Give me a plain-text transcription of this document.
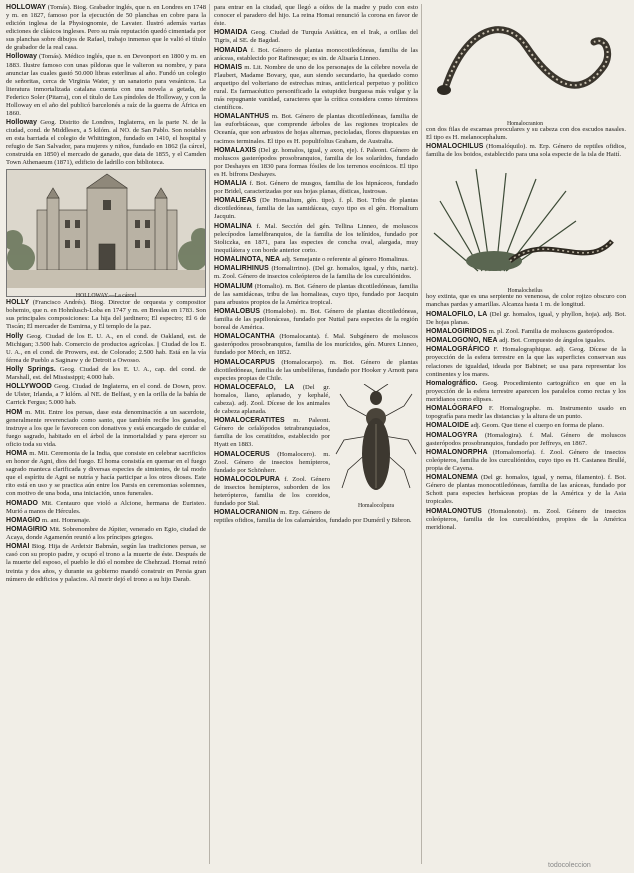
HOLLOWAY (Tomás). Biog. Grabador inglés, que n. en Londres en 1748 y m. en 1827, famoso por la ejecución de 50 planchas en cobre para la edición inglesa de la Physiognomie, de Lavater. Ilustró además varias ediciones de clásicos ingleses. Pero su más reputación quedó cimentada por sus planchas sobre dibujos de Rafael, trabajo inmenso que le valió el título de grabador de la real casa.
Holloway (Tomás). Médico inglés, que n. en Devonport en 1800 y m. en 1883. Ilustre famoso con unas píldoras que le valieron su nombre, y para anunciar las cuales gastó 50.000 libras esterlinas al año. Fundó un colegio de señoritas, cerca de Virginia Water, y un sanatorio para vesánicos. La literatura inmortalizada catalana cuenta con una novela a getada, de Federico Soler (Pitarra), con el título de Les píndoles de Holloway, y con la Holloway en el año del publicó barcelonés a raíz de la guerra de África en 1860.
Holloway Geog. Distrito de Londres, Inglaterra, en la parte N. de la ciudad, cond. de Middlesex, a 5 kilóm. al NO. de San Pablo. Son notables en esta barriada el colegio de Whittington, fundado en 1410, el hospital y refugio de San Salvador, para mujeres y niños, fundado en 1862 (la cárcel, construida en 1850) el mercado de ganado, que data de 1855, y el Camden Town Athenaeum (1871), edificio de ladrillo con biblioteca.
HOLLOWAY.—La cárcel
HOLLY (Francisco Andrés). Biog. Director de orquesta y compositor bohemio, que n. en Hohnlusch-Loba en 1747 y m. en Breslau en 1783. Son sus principales composiciones: La hija del jardinero; El espectro; El 6 de Tiscán; El mercader de Esmirna, y El templo de la paz.
Holly Geog. Ciudad de los E. U. A., en el cond. de Oakland, est. de Michigan; 3.500 hab. Comercio de productos agrícolas. || Ciudad de los E. U. A., en el cond. de Prowers, est. de Colorado; 2.500 hab. Está en la vía férrea de Pueblo a Saginaw y de Detroit a Owosso.
Holly Springs. Geog. Ciudad de los E. U. A., cap. del cond. de Marshall, est. del Mississippi; 4.000 hab.
HOLLYWOOD Geog. Ciudad de Inglaterra, en el cond. de Down, prov. de Ulster, Irlanda, a 7 kilóm. al NE. de Belfast, y en la orilla de la bahía de Carrick Fergus; 5.000 hab.
HOM m. Mit. Entre los persas, dase esta denominación a un sacerdote, generalmente reverenciado como santo, que también recibe los ganados, instruye a los que le favorecen con donativos y está encargado de cuidar el fuego sagrado, habitado en el árbol de la inmortalidad y para ejercer su oficio toda su vida.
HOMA m. Mit. Ceremonia de la India, que consiste en celebrar sacrificios en honor de Agni, dios del fuego. El homa consistía en quemar en el fuego sagrado manteca clarificada y diversas especies de simientes, de tal modo que el espíritu de Agni se nutría y hacía participar a los otros dioses. Este rito está en uso y se practica aún entre los Parsis en ceremonias solemnes, con motivo de una boda, una iniciación, unos funerales.
HOMADO Mit. Centauro que violó a Alcione, hermana de Euristeo. Murió a manos de Hércules.
HOMAGIO m. ant. Homenaje.
HOMAGIRIO Mit. Sobrenombre de Júpiter, venerado en Egio, ciudad de Acaya, donde Agamenón reunió a los príncipes griegos.
HOMAI Biog. Hija de Ardeixir Babmán, según las tradiciones persas, se casó con su propio padre, y ocupó el trono a la muerte de éste. Después de la muerte del esposo, el pueblo le dió el nombre de Chehrzad. Homai reinó treinta y dos años, y durante su gobierno mandó construir en Persia gran número de edificios y palacios. Al morir dejó el trono a su hijo Darab.
para entrar en la ciudad, que llegó a oídos de la madre y pudo con esto conocer el paradero del hijo. La reina Homai renunció la corona en favor de éste.
HOMAIDA Geog. Ciudad de Turquía Asiática, en el Irak, a orillas del Tigris, al SE. de Bagdad.
HOMAIDA f. Bot. Género de plantas monocotiledóneas, familia de las aráceas, establecido por Rafinesque; es sin. de Alisaría Linneo.
HOMAIS m. Lit. Nombre de uno de los personajes de la célebre novela de Flaubert, Madame Bovary, que, aun siendo secundario, ha quedado como arquetipo del volteriano de estrechas miras, anticlerical perpetuo y político rural. Es farmacéutico personificado la estupidez burguesa más vulgar y la más repugnante vanidad, caracteres que la crítica considera como términos científicos.
HOMALANTHUS m. Bot. Género de plantas dicotiledóneas, familia de las euforbiáceas, que comprende árboles de las regiones tropicales de Oceanía, que son arbustos de hojas alternas, pecioladas, flores dispuestas en racimos terminales. El tipo es H. populifolius Graham, de Australia.
HOMALAXIS (Del gr. homalos, igual, y axon, eje). f. Paleont. Género de moluscos gasterópodos prosobranquios, familia de los solaríidos, fundado por Deshayes en 1830 para formas fósiles de los terrenos eocénicos. El tipo es H. bifrons Deshayes.
HOMALIA f. Bot. Género de musgos, familia de los hipnáceos, fundado por Bridel, caracterizadas por sus hojas planas, dísticas, lustrosas.
HOMALIEAS (De Homalium, gén. tipo). f. pl. Bot. Tribu de plantas dicotiledóneas, familia de las samidáceas, cuyo tipo es el gén. Homalium Jacquin.
HOMALINA f. Mal. Sección del gén. Tellina Linneo, de moluscos pelecípodos lamelibranquios, de la familia de los telínidos, fundado por Stoliczka, en 1871, para las especies de concha oval, alargada, muy inequilátera y con borde anterior corto.
HOMALINOTA, NEA adj. Semejante o referente al género Homalinus.
HOMALIRHINUS (Homalirrino). (Del gr. homalos, igual, y rhis, nariz). m. Zool. Género de insectos coleópteros de la familia de los curculiónidos.
HOMALIUM (Homalio). m. Bot. Género de plantas dicotiledóneas, familia de las samidáceas, tribu de las homalieas, cuyo tipo, fundado por Jacquin para arbustos propios de la América tropical.
HOMALOBUS (Homalobo). m. Bot. Género de plantas dicotiledóneas, familia de las papilionáceas, fundado por Nuttal para especies de la región boreal de América.
HOMALOCANTHA (Homalocanta). f. Mal. Subgénero de moluscos gasterópodos prosobranquios, familia de los murícidos, gén. Murex Linneo, fundado por Mörch, en 1852.
HOMALOCARPUS (Homalocarpo). m. Bot. Género de plantas dicotiledóneas, familia de las umbelíferas, fundado por Hooker y Arnott para especies propias de Chile.
Homalocolpura
HOMALOCEFALO, LA (Del gr. homalos, llano, aplanado, y kephalé, cabeza). adj. Zool. Dícese de los animales de cabeza aplanada.
HOMALOCERATITES m. Paleont. Género de cefalópodos tetrabranquiados, familia de los ceratítidos, establecido por Hyatt en 1883.
HOMALOCERUS (Homalocero). m. Zool. Género de insectos hemípteros, fundado por Schönherr.
HOMALOCOLPURA f. Zool. Género de insectos hemípteros, suborden de los heterópteros, familia de los coreidos, fundado por Stal.
HOMALOCRANION m. Erp. Género de reptiles ofidios, familia de los calamáridos, fundado por Duméril y Bibron.
Homalocranion
con dos filas de escamas preoculares y su cabeza con dos escudos nasales. El tipo es H. melanocephalum.
HOMALOCHILUS (Homalóquilo). m. Erp. Género de reptiles ofidios, familia de los boidos, establecido para una sola especie de la isla de Haití.
Homalocheilus
hoy extinta, que es una serpiente no venenosa, de color rojizo obscuro con manchas pardas y amarillas. Alcanza hasta 1 m. de longitud.
HOMALOFILO, LA (Del gr. homalos, igual, y phyllon, hoja). adj. Bot. De hojas planas.
HOMALOGIRIDOS m. pl. Zool. Familia de moluscos gasterópodos.
HOMALOGONO, NEA adj. Bot. Compuesto de ángulos iguales.
HOMALOGRÁFICO F. Homalographique. adj. Geog. Dícese de la proyección de la esfera terrestre en la que las superficies conservan sus relaciones de igualdad, ideada por Babinet; se usa para representar los continentes y los mares.
Homalográfico. Geog. Procedimiento cartográfico en que en la proyección de la esfera terrestre aparecen los paralelos como rectas y los meridianos como elipses.
HOMALÓGRAFO F. Homalographe. m. Instrumento usado en topografía para medir las distancias y la altura de un punto.
HOMALOIDE adj. Geom. Que tiene el cuerpo en forma de plano.
HOMALOGYRA (Homalogira). f. Mal. Género de moluscos gasterópodos prosobranquios, fundado por Jeffreys, en 1867.
HOMALONORPHA (Homalomorfa). f. Zool. Género de insectos coleópteros, familia de los curculiónidos, cuyo tipo es H. Castanea Brullé, propia de Cayena.
HOMALONEMA (Del gr. homalos, igual, y nema, filamento). f. Bot. Género de plantas monocotiledóneas, familia de las aráceas, fundado por Schott para especies herbáceas propias de la América y de la Asia tropicales.
HOMALONOTUS (Homalonoto). m. Zool. Género de insectos coleópteros, familia de los curculiónidos, propios de la América meridional.
todocoleccion
